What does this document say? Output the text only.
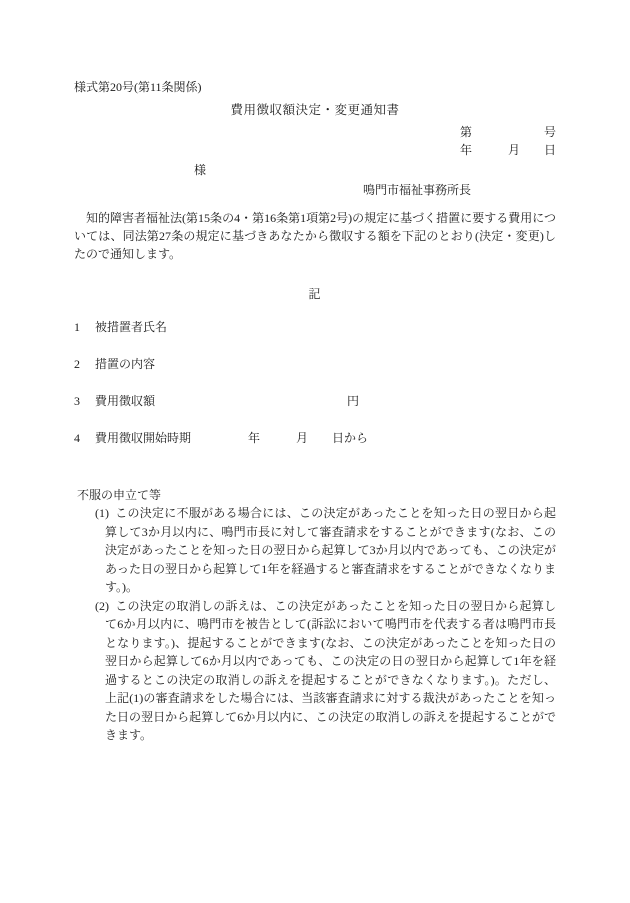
様式第20号(第11条関係)
費用徴収額決定・変更通知書
第　　　　　　号
年　　　月　　日
様
鳴門市福祉事務所長

知的障害者福祉法(第15条の4・第16条第1項第2号)の規定に基づく措置に要する費用については、同法第27条の規定に基づきあなたから徴収する額を下記のとおり(決定・変更)したので通知します。

記
1 被措置者氏名
2 措置の内容
3 費用徴収額	円
4 費用徴収開始時期	年　　　月　　日から
不服の申立て等

(1) この決定に不服がある場合には、この決定があったことを知った日の翌日から起算して3か月以内に、鳴門市長に対して審査請求をすることができます(なお、この決定があったことを知った日の翌日から起算して3か月以内であっても、この決定があった日の翌日から起算して1年を経過すると審査請求をすることができなくなります。)。

(2) この決定の取消しの訴えは、この決定があったことを知った日の翌日から起算して6か月以内に、鳴門市を被告として(訴訟において鳴門市を代表する者は鳴門市長となります。)、提起することができます(なお、この決定があったことを知った日の翌日から起算して6か月以内であっても、この決定の日の翌日から起算して1年を経過するとこの決定の取消しの訴えを提起することができなくなります。)。ただし、上記(1)の審査請求をした場合には、当該審査請求に対する裁決があったことを知った日の翌日から起算して6か月以内に、この決定の取消しの訴えを提起することができます。
